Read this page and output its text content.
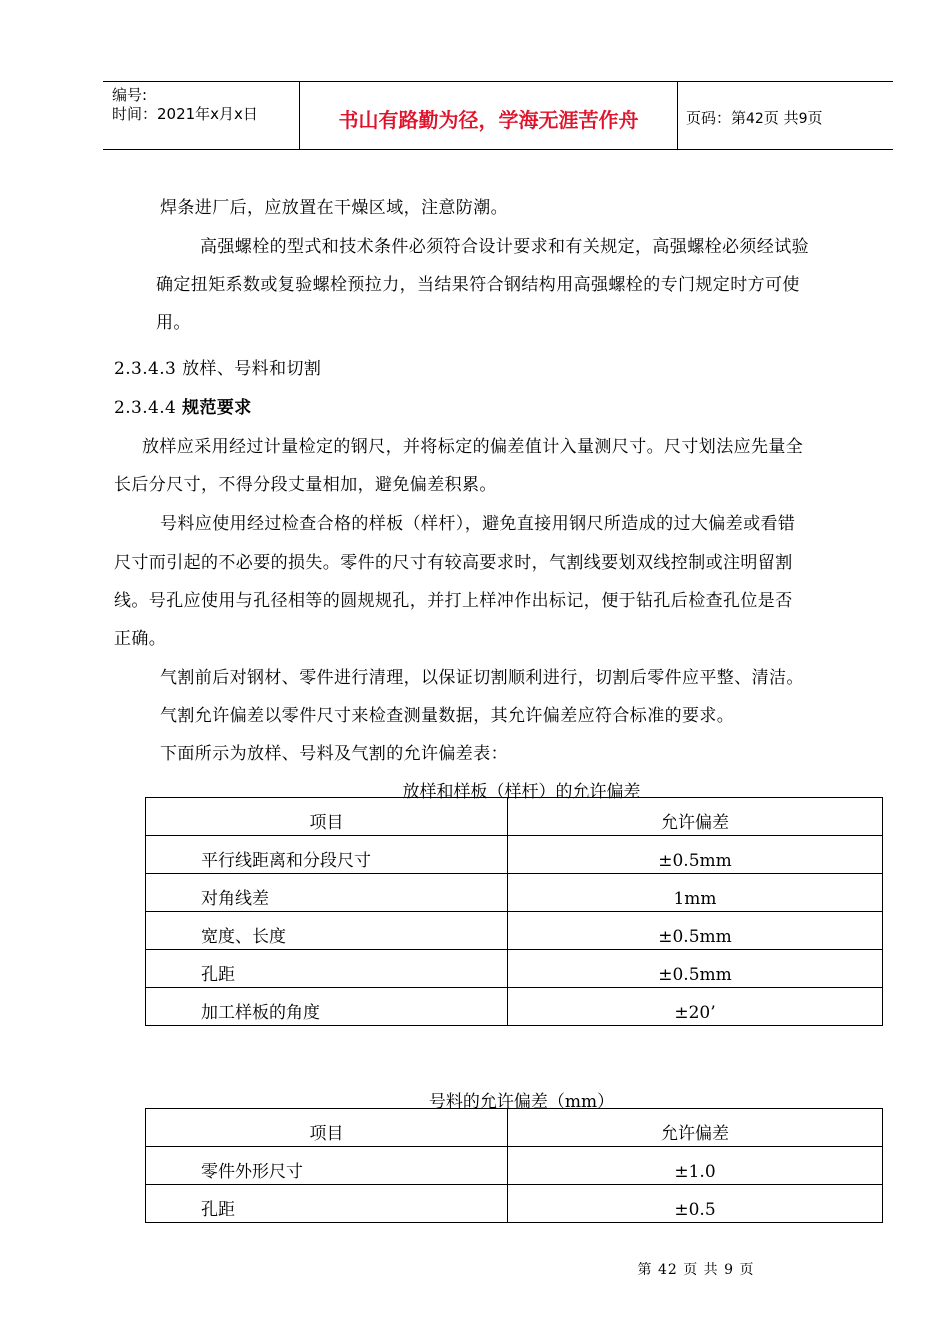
编号:
时间：2021年x月x日	书山有路勤为径，学海无涯苦作舟	页码：第42页 共9页
焊条进厂后，应放置在干燥区域，注意防潮。
高强螺栓的型式和技术条件必须符合设计要求和有关规定，高强螺栓必须经试验
确定扭矩系数或复验螺栓预拉力，当结果符合钢结构用高强螺栓的专门规定时方可使
用。
2.3.4.3 放样、号料和切割
2.3.4.4 规范要求
放样应采用经过计量检定的钢尺，并将标定的偏差值计入量测尺寸。尺寸划法应先量全
长后分尺寸，不得分段丈量相加，避免偏差积累。
号料应使用经过检查合格的样板（样杆），避免直接用钢尺所造成的过大偏差或看错
尺寸而引起的不必要的损失。零件的尺寸有较高要求时，气割线要划双线控制或注明留割
线。号孔应使用与孔径相等的圆规规孔，并打上样冲作出标记，便于钻孔后检查孔位是否
正确。
气割前后对钢材、零件进行清理，以保证切割顺利进行，切割后零件应平整、清洁。
气割允许偏差以零件尺寸来检查测量数据，其允许偏差应符合标准的要求。
下面所示为放样、号料及气割的允许偏差表：
放样和样板（样杆）的允许偏差
项目	允许偏差
平行线距离和分段尺寸	±0.5mm
对角线差	1mm
宽度、长度	±0.5mm
孔距	±0.5mm
加工样板的角度	±20’
号料的允许偏差（mm）
项目	允许偏差
零件外形尺寸	±1.0
孔距	±0.5
第 42 页 共 9 页
